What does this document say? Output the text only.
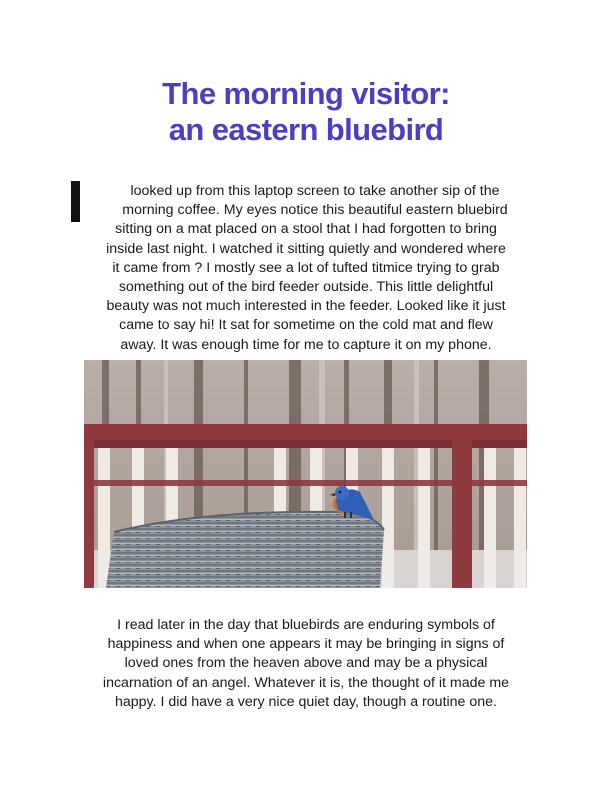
The morning visitor:
an eastern bluebird
looked up from this laptop screen to take another sip of the
morning coffee. My eyes notice this beautiful eastern bluebird
sitting on a mat placed on a stool that I had forgotten to bring
inside last night. I watched it sitting quietly and wondered where
it came from ? I mostly see a lot of tufted titmice trying to grab
something out of the bird feeder outside. This little delightful
beauty was not much interested in the feeder. Looked like it just
came to say hi! It sat for sometime on the cold mat and flew
away. It was enough time for me to capture it on my phone.
I read later in the day that bluebirds are enduring symbols of
happiness and when one appears it may be bringing in signs of
loved ones from the heaven above and may be a physical
incarnation of an angel. Whatever it is, the thought of it made me
happy. I did have a very nice quiet day, though a routine one.
